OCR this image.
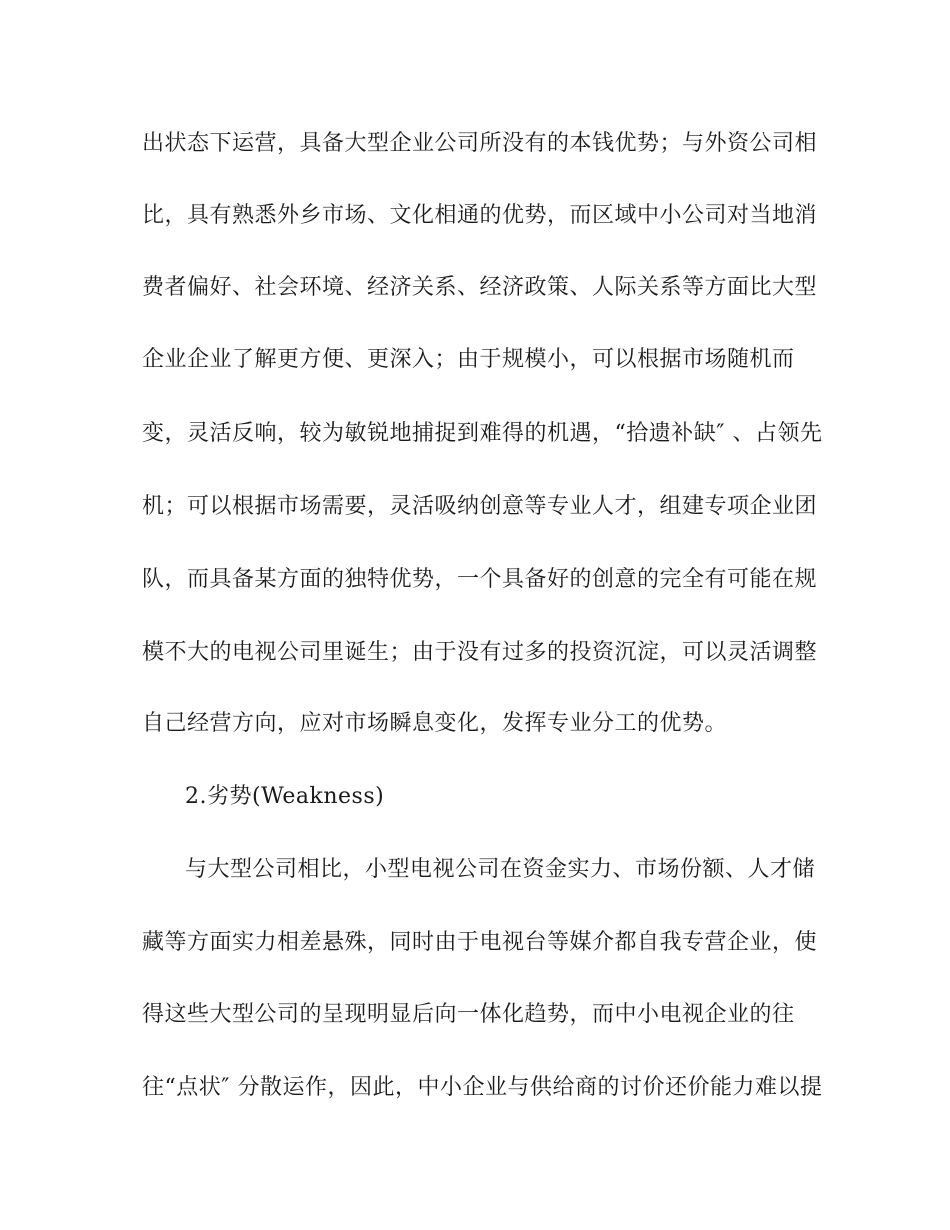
出状态下运营，具备大型企业公司所没有的本钱优势；与外资公司相
比，具有熟悉外乡市场、文化相通的优势，而区域中小公司对当地消
费者偏好、社会环境、经济关系、经济政策、人际关系等方面比大型
企业企业了解更方便、更深入；由于规模小，可以根据市场随机而
变，灵活反响，较为敏锐地捕捉到难得的机遇，“拾遗补缺″ 、占领先
机；可以根据市场需要，灵活吸纳创意等专业人才，组建专项企业团
队，而具备某方面的独特优势，一个具备好的创意的完全有可能在规
模不大的电视公司里诞生；由于没有过多的投资沉淀，可以灵活调整
自己经营方向，应对市场瞬息变化，发挥专业分工的优势。
2.劣势(Weakness)
与大型公司相比，小型电视公司在资金实力、市场份额、人才储
藏等方面实力相差悬殊，同时由于电视台等媒介都自我专营企业，使
得这些大型公司的呈现明显后向一体化趋势，而中小电视企业的往
往“点状″ 分散运作，因此，中小企业与供给商的讨价还价能力难以提
